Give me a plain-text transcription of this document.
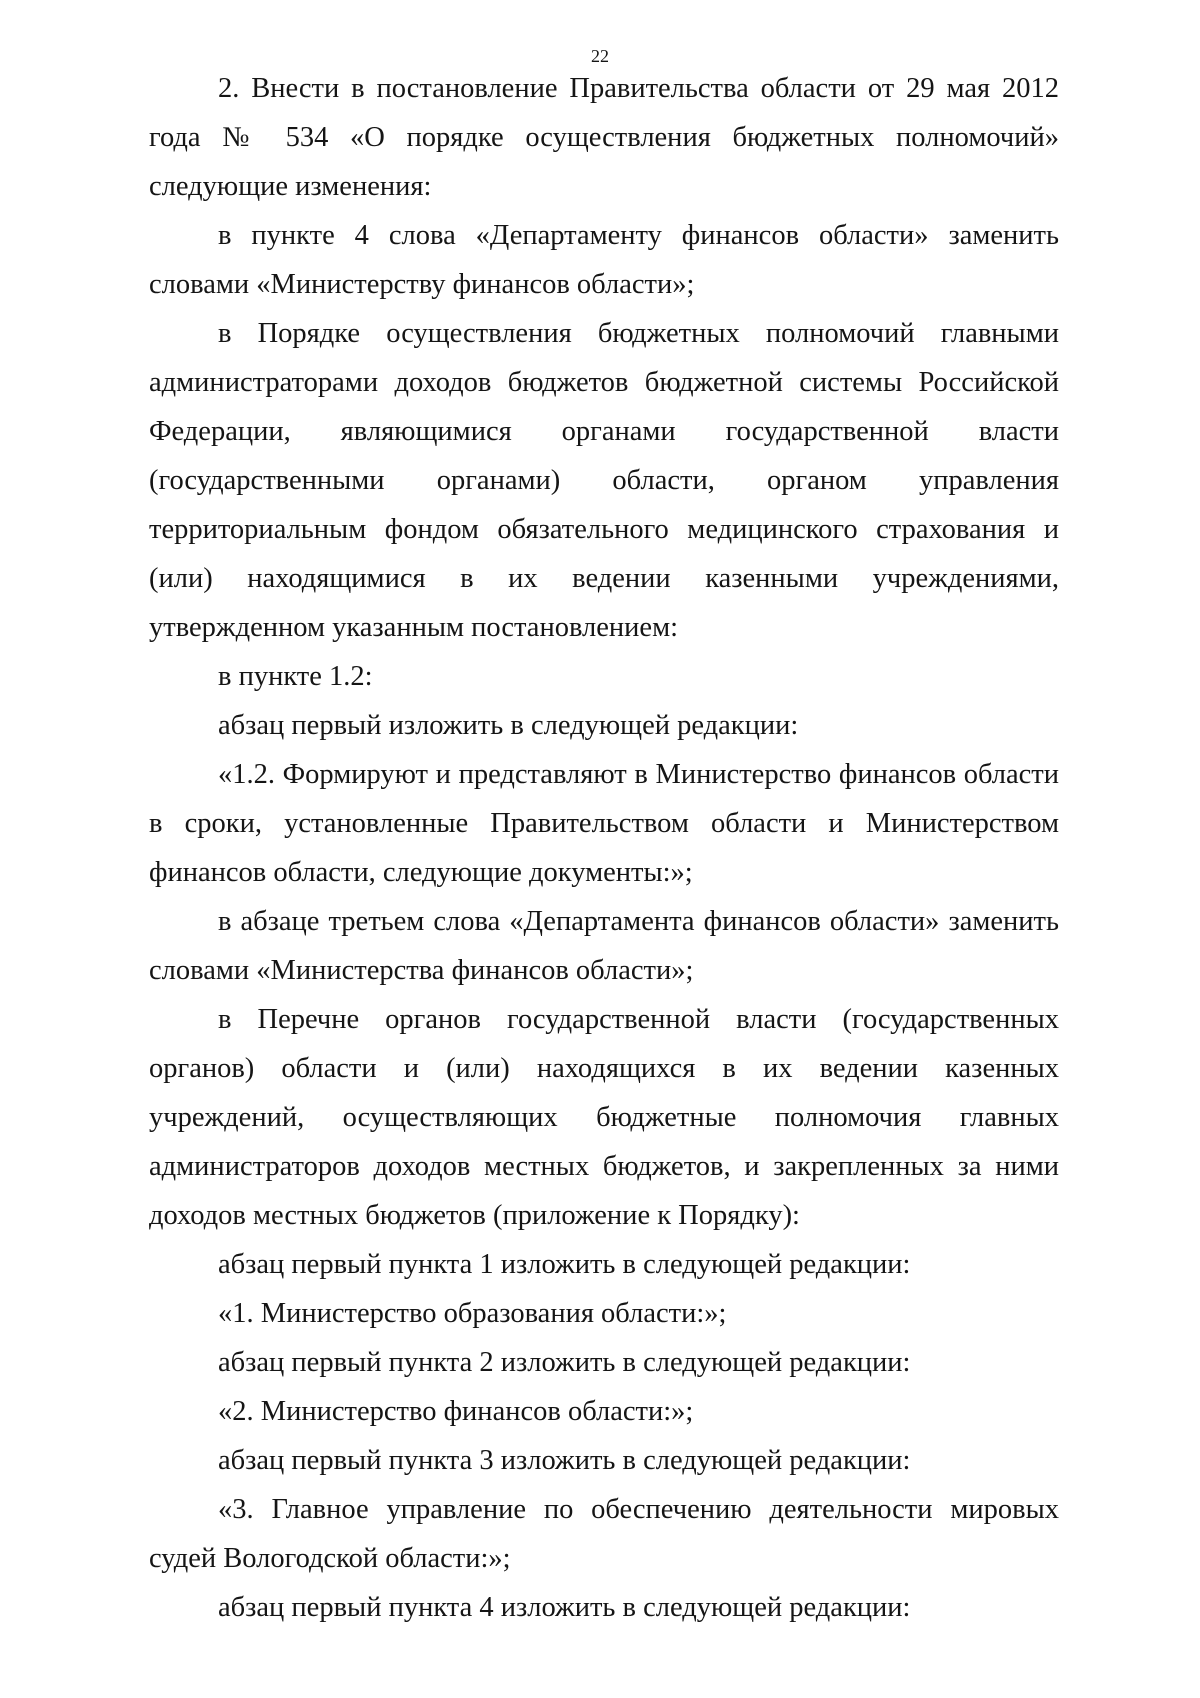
22

2. Внести в постановление Правительства области от 29 мая 2012 года № 534 «О порядке осуществления бюджетных полномочий» следующие изменения:

в пункте 4 слова «Департаменту финансов области» заменить словами «Министерству финансов области»;

в Порядке осуществления бюджетных полномочий главными администраторами доходов бюджетов бюджетной системы Российской Федерации, являющимися органами государственной власти (государственными органами) области, органом управления территориальным фондом обязательного медицинского страхования и (или) находящимися в их ведении казенными учреждениями, утвержденном указанным постановлением:

в пункте 1.2:

абзац первый изложить в следующей редакции:

«1.2. Формируют и представляют в Министерство финансов области в сроки, установленные Правительством области и Министерством финансов области, следующие документы:»;

в абзаце третьем слова «Департамента финансов области» заменить словами «Министерства финансов области»;

в Перечне органов государственной власти (государственных органов) области и (или) находящихся в их ведении казенных учреждений, осуществляющих бюджетные полномочия главных администраторов доходов местных бюджетов, и закрепленных за ними доходов местных бюджетов (приложение к Порядку):

абзац первый пункта 1 изложить в следующей редакции:

«1. Министерство образования области:»;

абзац первый пункта 2 изложить в следующей редакции:

«2. Министерство финансов области:»;

абзац первый пункта 3 изложить в следующей редакции:

«3. Главное управление по обеспечению деятельности мировых судей Вологодской области:»;

абзац первый пункта 4 изложить в следующей редакции:
